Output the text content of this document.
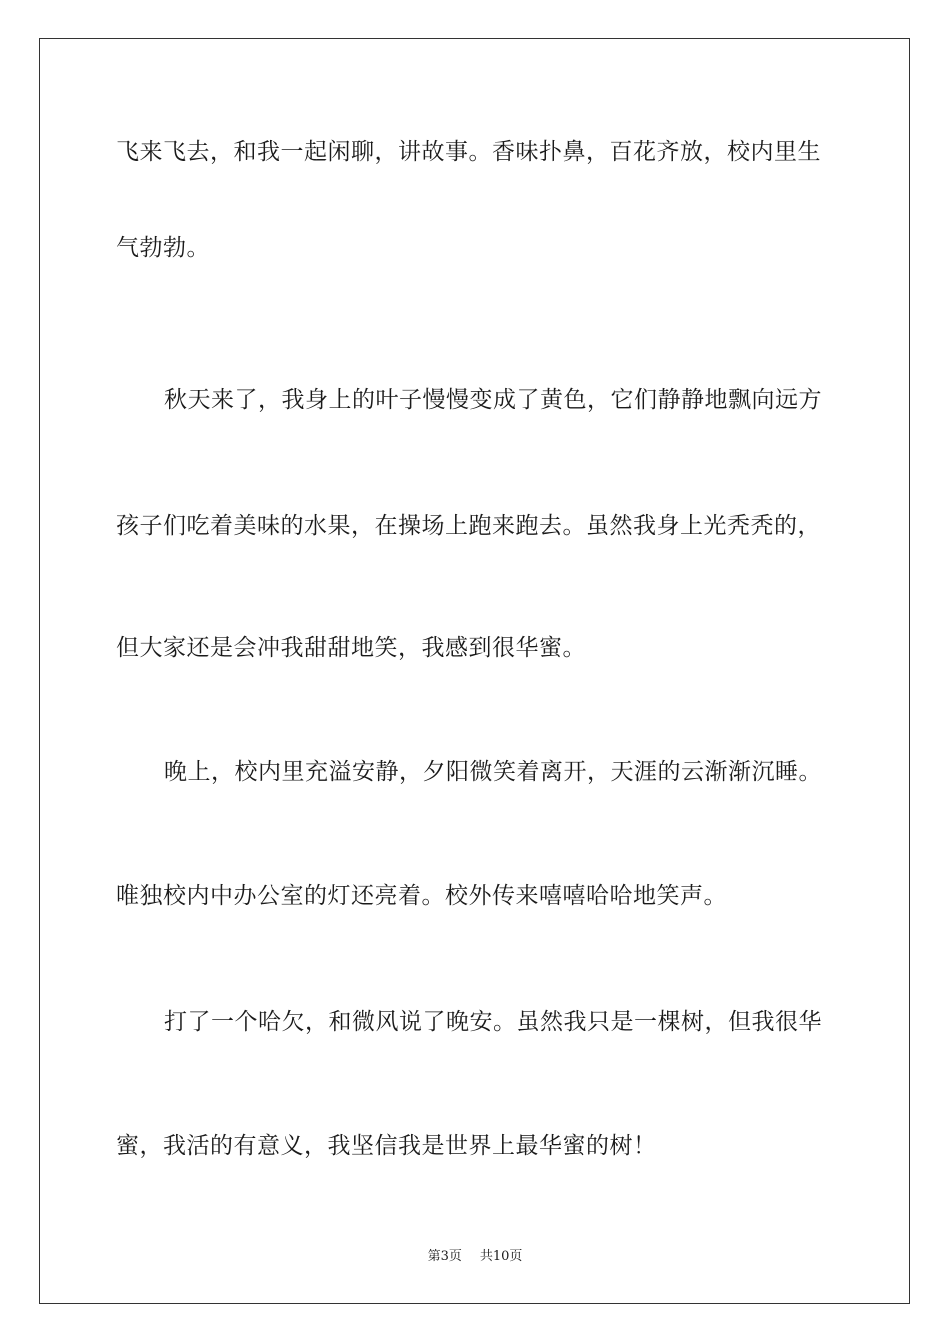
飞来飞去，和我一起闲聊，讲故事。香味扑鼻，百花齐放，校内里生
气勃勃。
秋天来了，我身上的叶子慢慢变成了黄色，它们静静地飘向远方
孩子们吃着美味的水果，在操场上跑来跑去。虽然我身上光秃秃的，
但大家还是会冲我甜甜地笑，我感到很华蜜。
晚上，校内里充溢安静，夕阳微笑着离开，天涯的云渐渐沉睡。
唯独校内中办公室的灯还亮着。校外传来嘻嘻哈哈地笑声。
打了一个哈欠，和微风说了晚安。虽然我只是一棵树，但我很华
蜜，我活的有意义，我坚信我是世界上最华蜜的树！
第3页 共10页
